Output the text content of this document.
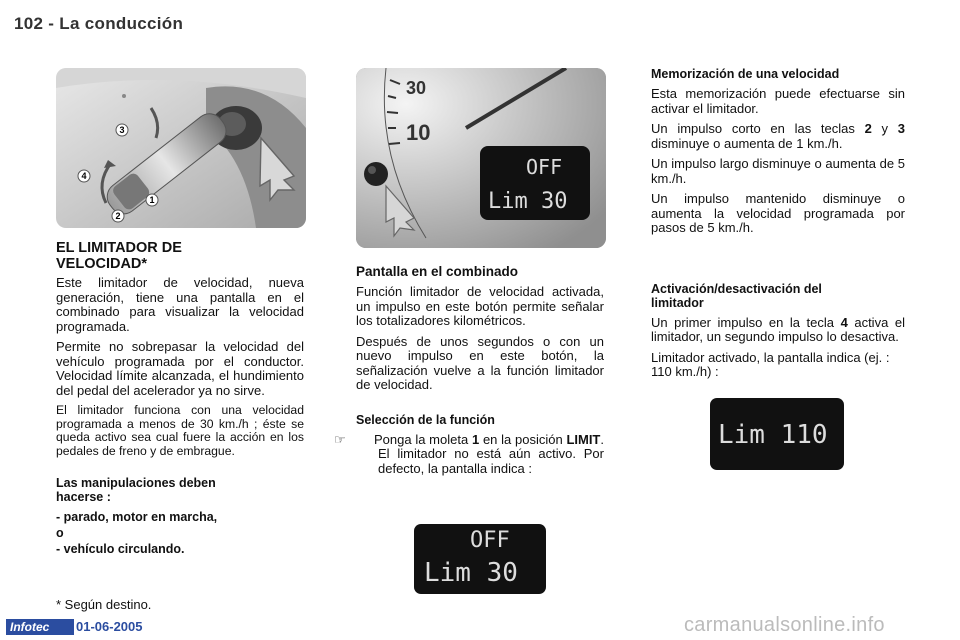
102 - La conducción
3
4
1
2
30
10
OFF
Lim 30
EL LIMITADOR DE VELOCIDAD*

Este limitador de velocidad, nueva generación, tiene una pantalla en el combinado para visualizar la velocidad programada.

Permite no sobrepasar la velocidad del vehículo programada por el conductor. Velocidad límite alcanzada, el hundimiento del pedal del acelerador ya no sirve.

El limitador funciona con una velocidad programada a menos de 30 km./h ; éste se queda activo sea cual fuere la acción en los pedales de freno y de embrague.

Las manipulaciones deben hacerse :
- parado, motor en marcha,
o
- vehículo circulando.
* Según destino.
Pantalla en el combinado

Función limitador de velocidad activada, un impulso en este botón permite señalar los totalizadores kilométricos.

Después de unos segundos o con un nuevo impulso en este botón, la señalización vuelve a la función limitador de velocidad.

Selección de la función

☞ Ponga la moleta 1 en la posición LIMIT. El limitador no está aún activo. Por defecto, la pantalla indica :

OFF
Lim 30
Memorización de una velocidad

Esta memorización puede efectuarse sin activar el limitador.

Un impulso corto en las teclas 2 y 3 disminuye o aumenta de 1 km./h.

Un impulso largo disminuye o aumenta de 5 km./h.

Un impulso mantenido disminuye o aumenta la velocidad programada por pasos de 5 km./h.

Activación/desactivación del limitador

Un primer impulso en la tecla 4 activa el limitador, un segundo impulso lo desactiva.

Limitador activado, la pantalla indica (ej. : 110 km./h) :

Lim 110
Infotec	01-06-2005	carmanualsonline.info
